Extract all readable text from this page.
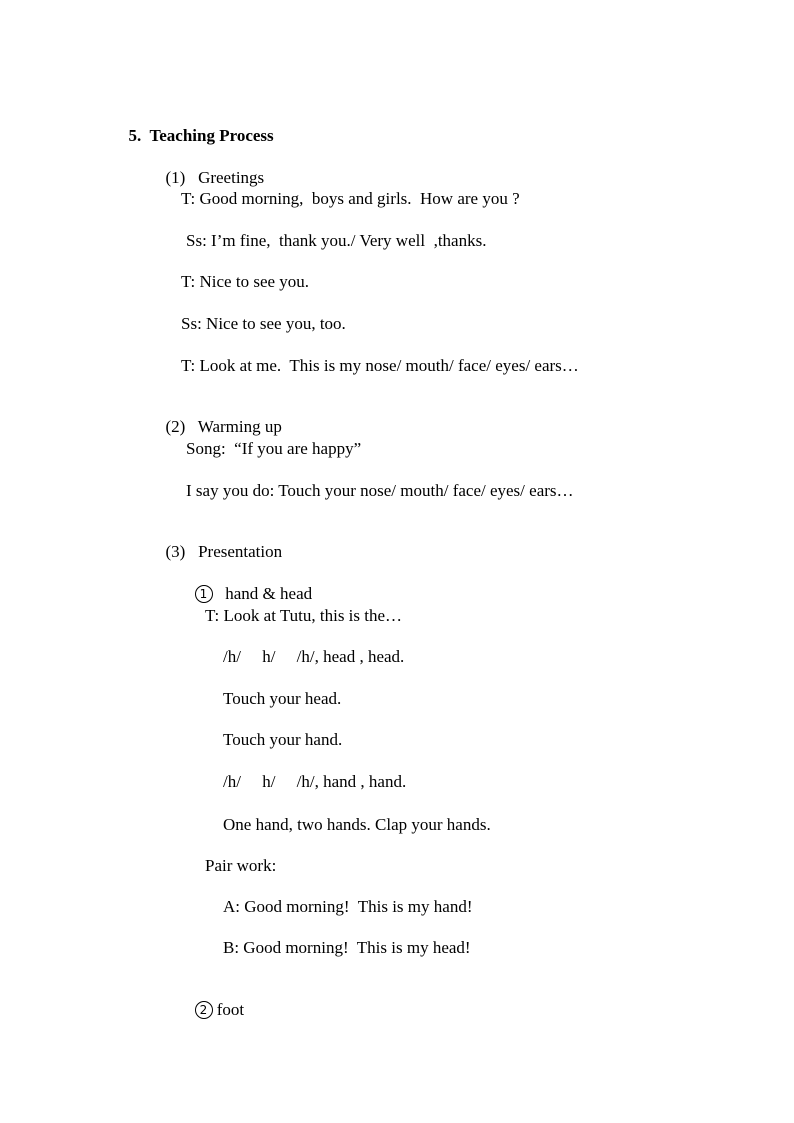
5. Teaching Process

(1) Greetings

T: Good morning,  boys and girls.  How are you ?
Ss: I’m fine,  thank you./ Very well  ,thanks.
T: Nice to see you.
Ss: Nice to see you, too.
T: Look at me.  This is my nose/ mouth/ face/ eyes/ ears…

(2) Warming up

Song:  “If you are happy”
I say you do: Touch your nose/ mouth/ face/ eyes/ ears…

(3) Presentation

1 hand & head

T: Look at Tutu, this is the…
/h/     h/     /h/, head , head.
Touch your head.
Touch your hand.
/h/     h/     /h/, hand , hand.
One hand, two hands. Clap your hands.
Pair work:
A: Good morning!  This is my hand!
B: Good morning!  This is my head!

2 foot
